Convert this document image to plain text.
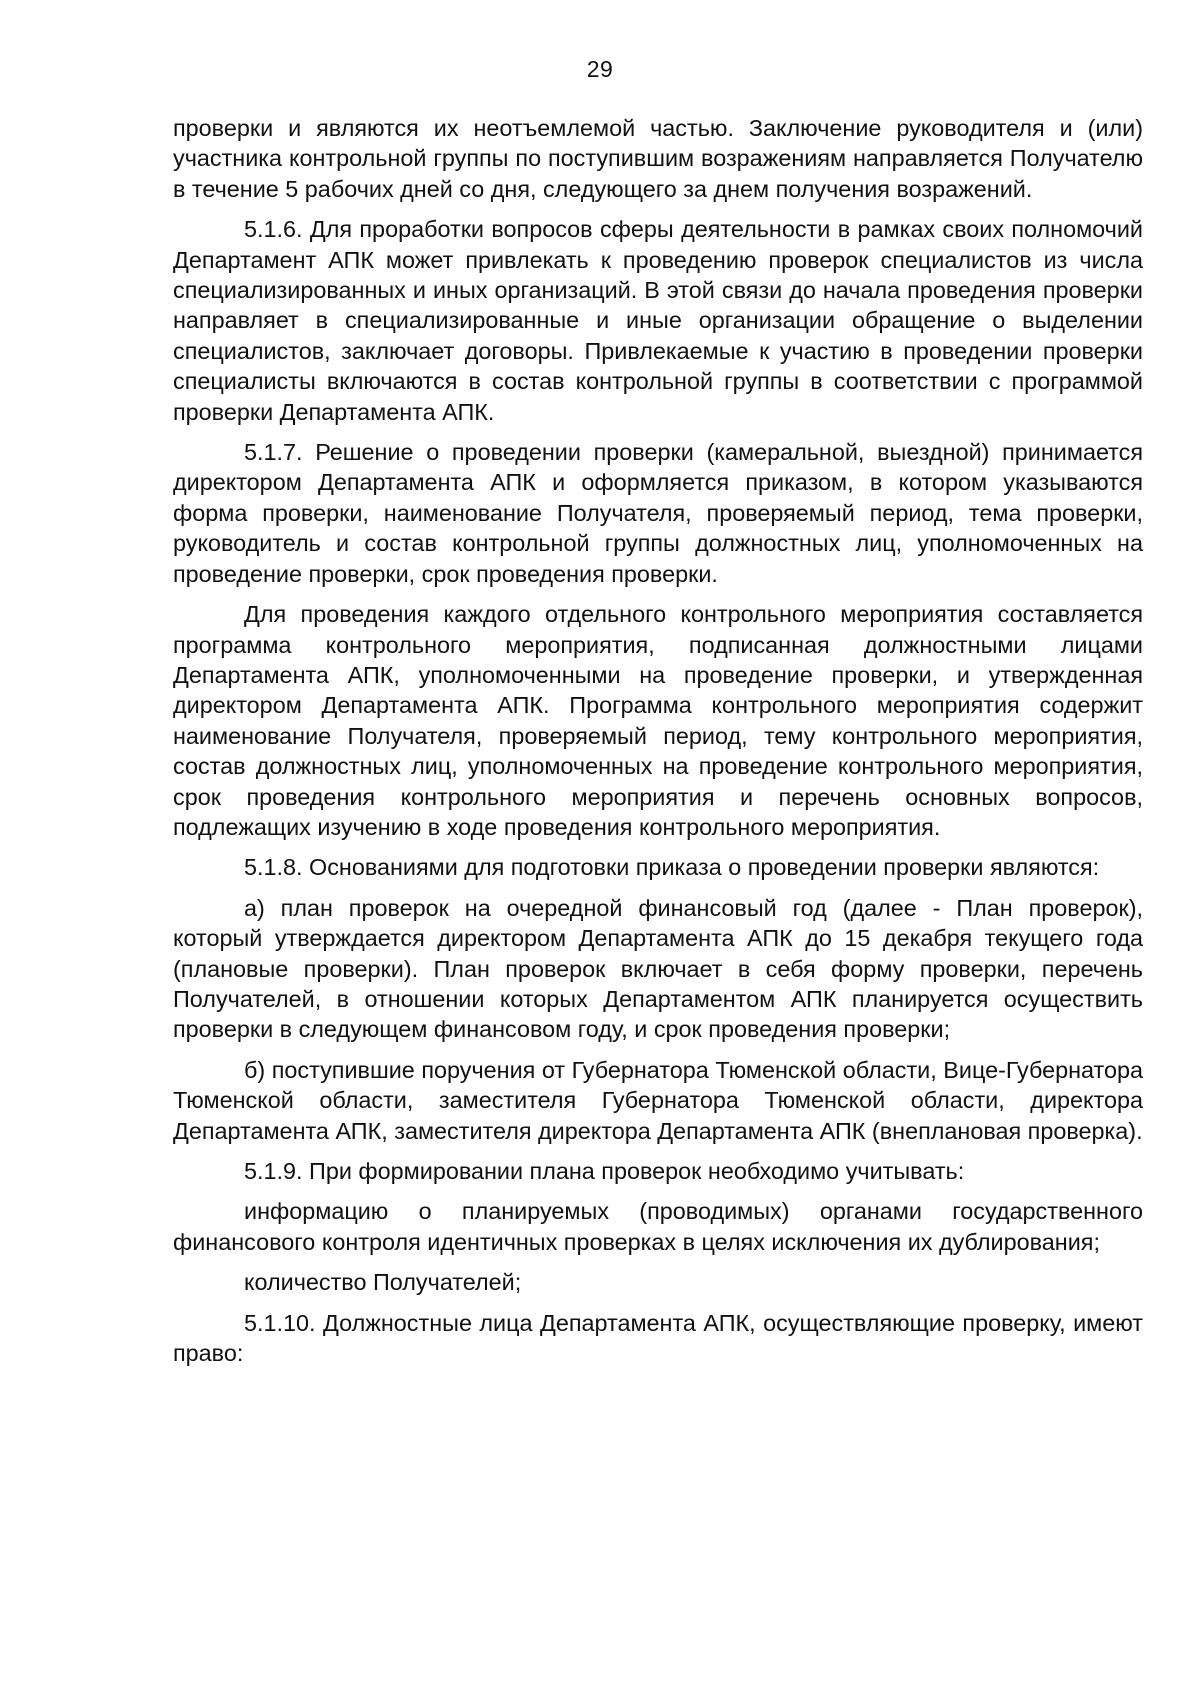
29

проверки и являются их неотъемлемой частью. Заключение руководителя и (или) участника контрольной группы по поступившим возражениям направляется Получателю в течение 5 рабочих дней со дня, следующего за днем получения возражений.

5.1.6. Для проработки вопросов сферы деятельности в рамках своих полномочий Департамент АПК может привлекать к проведению проверок специалистов из числа специализированных и иных организаций. В этой связи до начала проведения проверки направляет в специализированные и иные организации обращение о выделении специалистов, заключает договоры. Привлекаемые к участию в проведении проверки специалисты включаются в состав контрольной группы в соответствии с программой проверки Департамента АПК.

5.1.7. Решение о проведении проверки (камеральной, выездной) принимается директором Департамента АПК и оформляется приказом, в котором указываются форма проверки, наименование Получателя, проверяемый период, тема проверки, руководитель и состав контрольной группы должностных лиц, уполномоченных на проведение проверки, срок проведения проверки.

Для проведения каждого отдельного контрольного мероприятия составляется программа контрольного мероприятия, подписанная должностными лицами Департамента АПК, уполномоченными на проведение проверки, и утвержденная директором Департамента АПК. Программа контрольного мероприятия содержит наименование Получателя, проверяемый период, тему контрольного мероприятия, состав должностных лиц, уполномоченных на проведение контрольного мероприятия, срок проведения контрольного мероприятия и перечень основных вопросов, подлежащих изучению в ходе проведения контрольного мероприятия.

5.1.8. Основаниями для подготовки приказа о проведении проверки являются:

а) план проверок на очередной финансовый год (далее - План проверок), который утверждается директором Департамента АПК до 15 декабря текущего года (плановые проверки). План проверок включает в себя форму проверки, перечень Получателей, в отношении которых Департаментом АПК планируется осуществить проверки в следующем финансовом году, и срок проведения проверки;

б) поступившие поручения от Губернатора Тюменской области, Вице-Губернатора Тюменской области, заместителя Губернатора Тюменской области, директора Департамента АПК, заместителя директора Департамента АПК (внеплановая проверка).

5.1.9. При формировании плана проверок необходимо учитывать:

информацию о планируемых (проводимых) органами государственного финансового контроля идентичных проверках в целях исключения их дублирования;

количество Получателей;

5.1.10. Должностные лица Департамента АПК, осуществляющие проверку, имеют право:
